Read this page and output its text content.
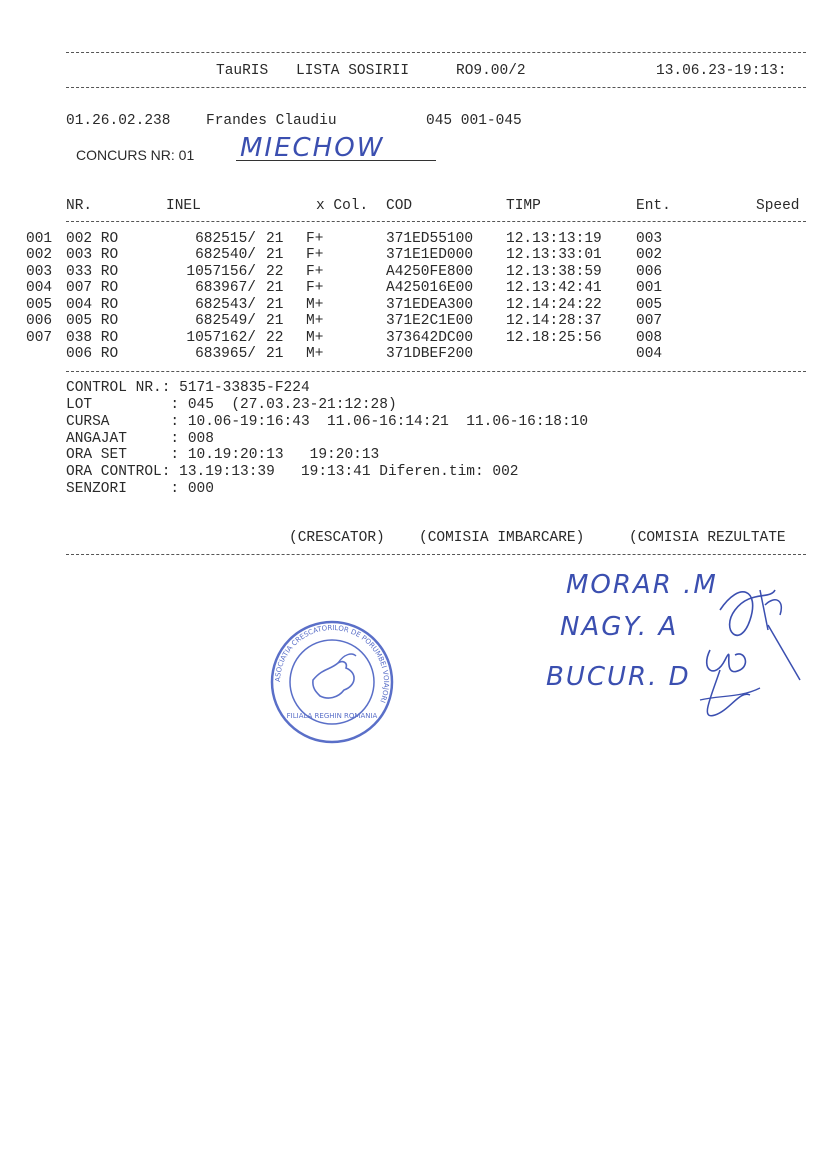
TauRIS LISTA SOSIRII	RO9.00/2	13.06.23-19:13:
01.26.02.238 Frandes Claudiu	045 001-045
CONCURS NR: 01 MIECHOW
NR.	INEL	x Col. COD	TIMP	Ent.	Speed
001 002 RO	682515/ 21 F+	371ED55100 12.13:13:19 003
002 003 RO	682540/ 21 F+	371E1ED000 12.13:33:01 002
003 033 RO	1057156/ 22 F+	A4250FE800 12.13:38:59 006
004 007 RO	683967/ 21 F+	A425016E00 12.13:42:41 001
005 004 RO	682543/ 21 M+	371EDEA300 12.14:24:22 005
006 005 RO	682549/ 21 M+	371E2C1E00 12.14:28:37 007
007 038 RO	1057162/ 22 M+	373642DC00 12.18:25:56 008
006 RO	683965/ 21 M+	371DBEF200	004
CONTROL NR.: 5171-33835-F224
LOT         : 045  (27.03.23-21:12:28)
CURSA       : 10.06-19:16:43  11.06-16:14:21  11.06-16:18:10
ANGAJAT     : 008
ORA SET     : 10.19:20:13   19:20:13
ORA CONTROL: 13.19:13:39   19:13:41 Diferen.tim: 002
SENZORI     : 000
(CRESCATOR) (COMISIA IMBARCARE)	(COMISIA REZULTATE
MORAR .M
NAGY. A
BUCUR. D
ASOCIATIA CRESCATORILOR DE PORUMBEI VOIAJORI
FILIALA REGHIN ROMANIA
